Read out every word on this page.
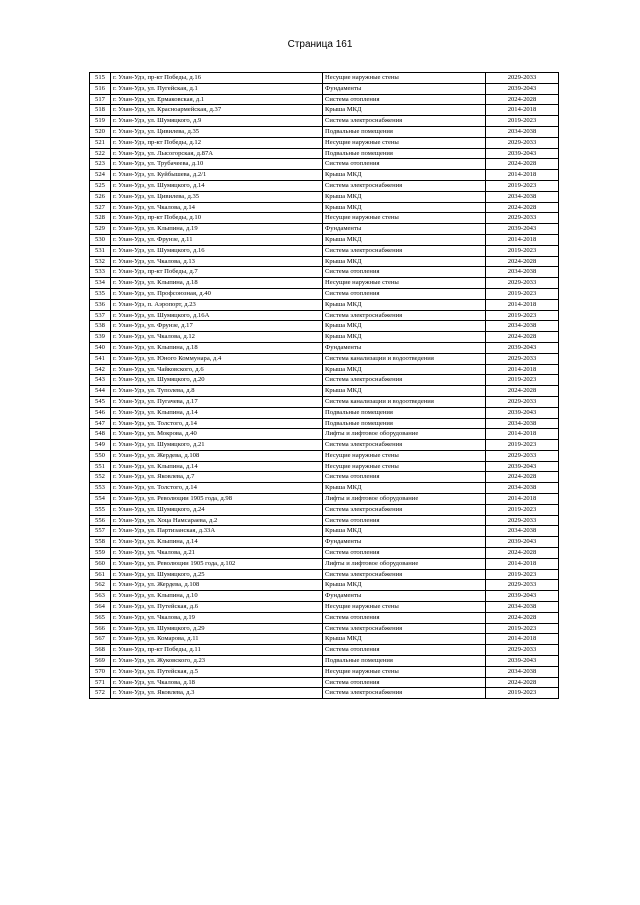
Страница 161
515	г. Улан-Удэ, пр-кт Победы, д.16	Несущие наружные стены	2029-2033
516	г. Улан-Удэ, ул. Пугейская, д.1	Фундаменты	2039-2043
517	г. Улан-Удэ, ул. Ермаковская, д.1	Система отопления	2024-2028
518	г. Улан-Удэ, ул. Красноармейская, д.37	Крыша МКД	2014-2018
519	г. Улан-Удэ, ул. Шумяцкого, д.9	Система электроснабжения	2019-2023
520	г. Улан-Удэ, ул. Цивилева, д.35	Подвальные помещения	2034-2038
521	г. Улан-Удэ, пр-кт Победы, д.12	Несущие наружные стены	2029-2033
522	г. Улан-Удэ, ул. Лысогорская, д.87А	Подвальные помещения	2039-2043
523	г. Улан-Удэ, ул. Трубачеева, д.10	Система отопления	2024-2028
524	г. Улан-Удэ, ул. Куйбышева, д.2/1	Крыша МКД	2014-2018
525	г. Улан-Удэ, ул. Шумяцкого, д.14	Система электроснабжения	2019-2023
526	г. Улан-Удэ, ул. Цивилева, д.35	Крыша МКД	2034-2038
527	г. Улан-Удэ, ул. Чкалова, д.14	Крыша МКД	2024-2028
528	г. Улан-Удэ, пр-кт Победы, д.10	Несущие наружные стены	2029-2033
529	г. Улан-Удэ, ул. Клыпина, д.19	Фундаменты	2039-2043
530	г. Улан-Удэ, ул. Фрунзе, д.11	Крыша МКД	2014-2018
531	г. Улан-Удэ, ул. Шумяцкого, д.16	Система электроснабжения	2019-2023
532	г. Улан-Удэ, ул. Чкалова, д.13	Крыша МКД	2024-2028
533	г. Улан-Удэ, пр-кт Победы, д.7	Система отопления	2034-2038
534	г. Улан-Удэ, ул. Клыпина, д.18	Несущие наружные стены	2029-2033
535	г. Улан-Удэ, ул. Профсоюзная, д.40	Система отопления	2019-2023
536	г. Улан-Удэ, п. Аэропорт, д.23	Крыша МКД	2014-2018
537	г. Улан-Удэ, ул. Шумяцкого, д.16А	Система электроснабжения	2019-2023
538	г. Улан-Удэ, ул. Фрунзе, д.17	Крыша МКД	2034-2038
539	г. Улан-Удэ, ул. Чкалова, д.12	Крыша МКД	2024-2028
540	г. Улан-Удэ, ул. Клыпина, д.18	Фундаменты	2039-2043
541	г. Улан-Удэ, ул. Юного Коммунара, д.4	Система канализации и водоотведения	2029-2033
542	г. Улан-Удэ, ул. Чайковского, д.6	Крыша МКД	2014-2018
543	г. Улан-Удэ, ул. Шумяцкого, д.20	Система электроснабжения	2019-2023
544	г. Улан-Удэ, ул. Туполева, д.8	Крыша МКД	2024-2028
545	г. Улан-Удэ, ул. Пугачева, д.17	Система канализации и водоотведения	2029-2033
546	г. Улан-Удэ, ул. Клыпина, д.14	Подвальные помещения	2039-2043
547	г. Улан-Удэ, ул. Толстого, д.14	Подвальные помещения	2034-2038
548	г. Улан-Удэ, ул. Мокрова, д.40	Лифты и лифтовое оборудование	2014-2018
549	г. Улан-Удэ, ул. Шумяцкого, д.21	Система электроснабжения	2019-2023
550	г. Улан-Удэ, ул. Жердева, д.108	Несущие наружные стены	2029-2033
551	г. Улан-Удэ, ул. Клыпина, д.14	Несущие наружные стены	2039-2043
552	г. Улан-Удэ, ул. Яковлева, д.7	Система отопления	2024-2028
553	г. Улан-Удэ, ул. Толстого, д.14	Крыша МКД	2034-2038
554	г. Улан-Удэ, ул. Революции 1905 года, д.98	Лифты и лифтовое оборудование	2014-2018
555	г. Улан-Удэ, ул. Шумяцкого, д.24	Система электроснабжения	2019-2023
556	г. Улан-Удэ, ул. Хоца Намсараева, д.2	Система отопления	2029-2033
557	г. Улан-Удэ, ул. Партизанская, д.33А	Крыша МКД	2034-2038
558	г. Улан-Удэ, ул. Клыпина, д.14	Фундаменты	2039-2043
559	г. Улан-Удэ, ул. Чкалова, д.21	Система отопления	2024-2028
560	г. Улан-Удэ, ул. Революции 1905 года, д.102	Лифты и лифтовое оборудование	2014-2018
561	г. Улан-Удэ, ул. Шумяцкого, д.25	Система электроснабжения	2019-2023
562	г. Улан-Удэ, ул. Жердева, д.108	Крыша МКД	2029-2033
563	г. Улан-Удэ, ул. Клыпина, д.10	Фундаменты	2039-2043
564	г. Улан-Удэ, ул. Путейская, д.6	Несущие наружные стены	2034-2038
565	г. Улан-Удэ, ул. Чкалова, д.19	Система отопления	2024-2028
566	г. Улан-Удэ, ул. Шумяцкого, д.29	Система электроснабжения	2019-2023
567	г. Улан-Удэ, ул. Комарова, д.11	Крыша МКД	2014-2018
568	г. Улан-Удэ, пр-кт Победы, д.11	Система отопления	2029-2033
569	г. Улан-Удэ, ул. Жуковского, д.23	Подвальные помещения	2039-2043
570	г. Улан-Удэ, ул. Путейская, д.5	Несущие наружные стены	2034-2038
571	г. Улан-Удэ, ул. Чкалова, д.18	Система отопления	2024-2028
572	г. Улан-Удэ, ул. Яковлева, д.3	Система электроснабжения	2019-2023
